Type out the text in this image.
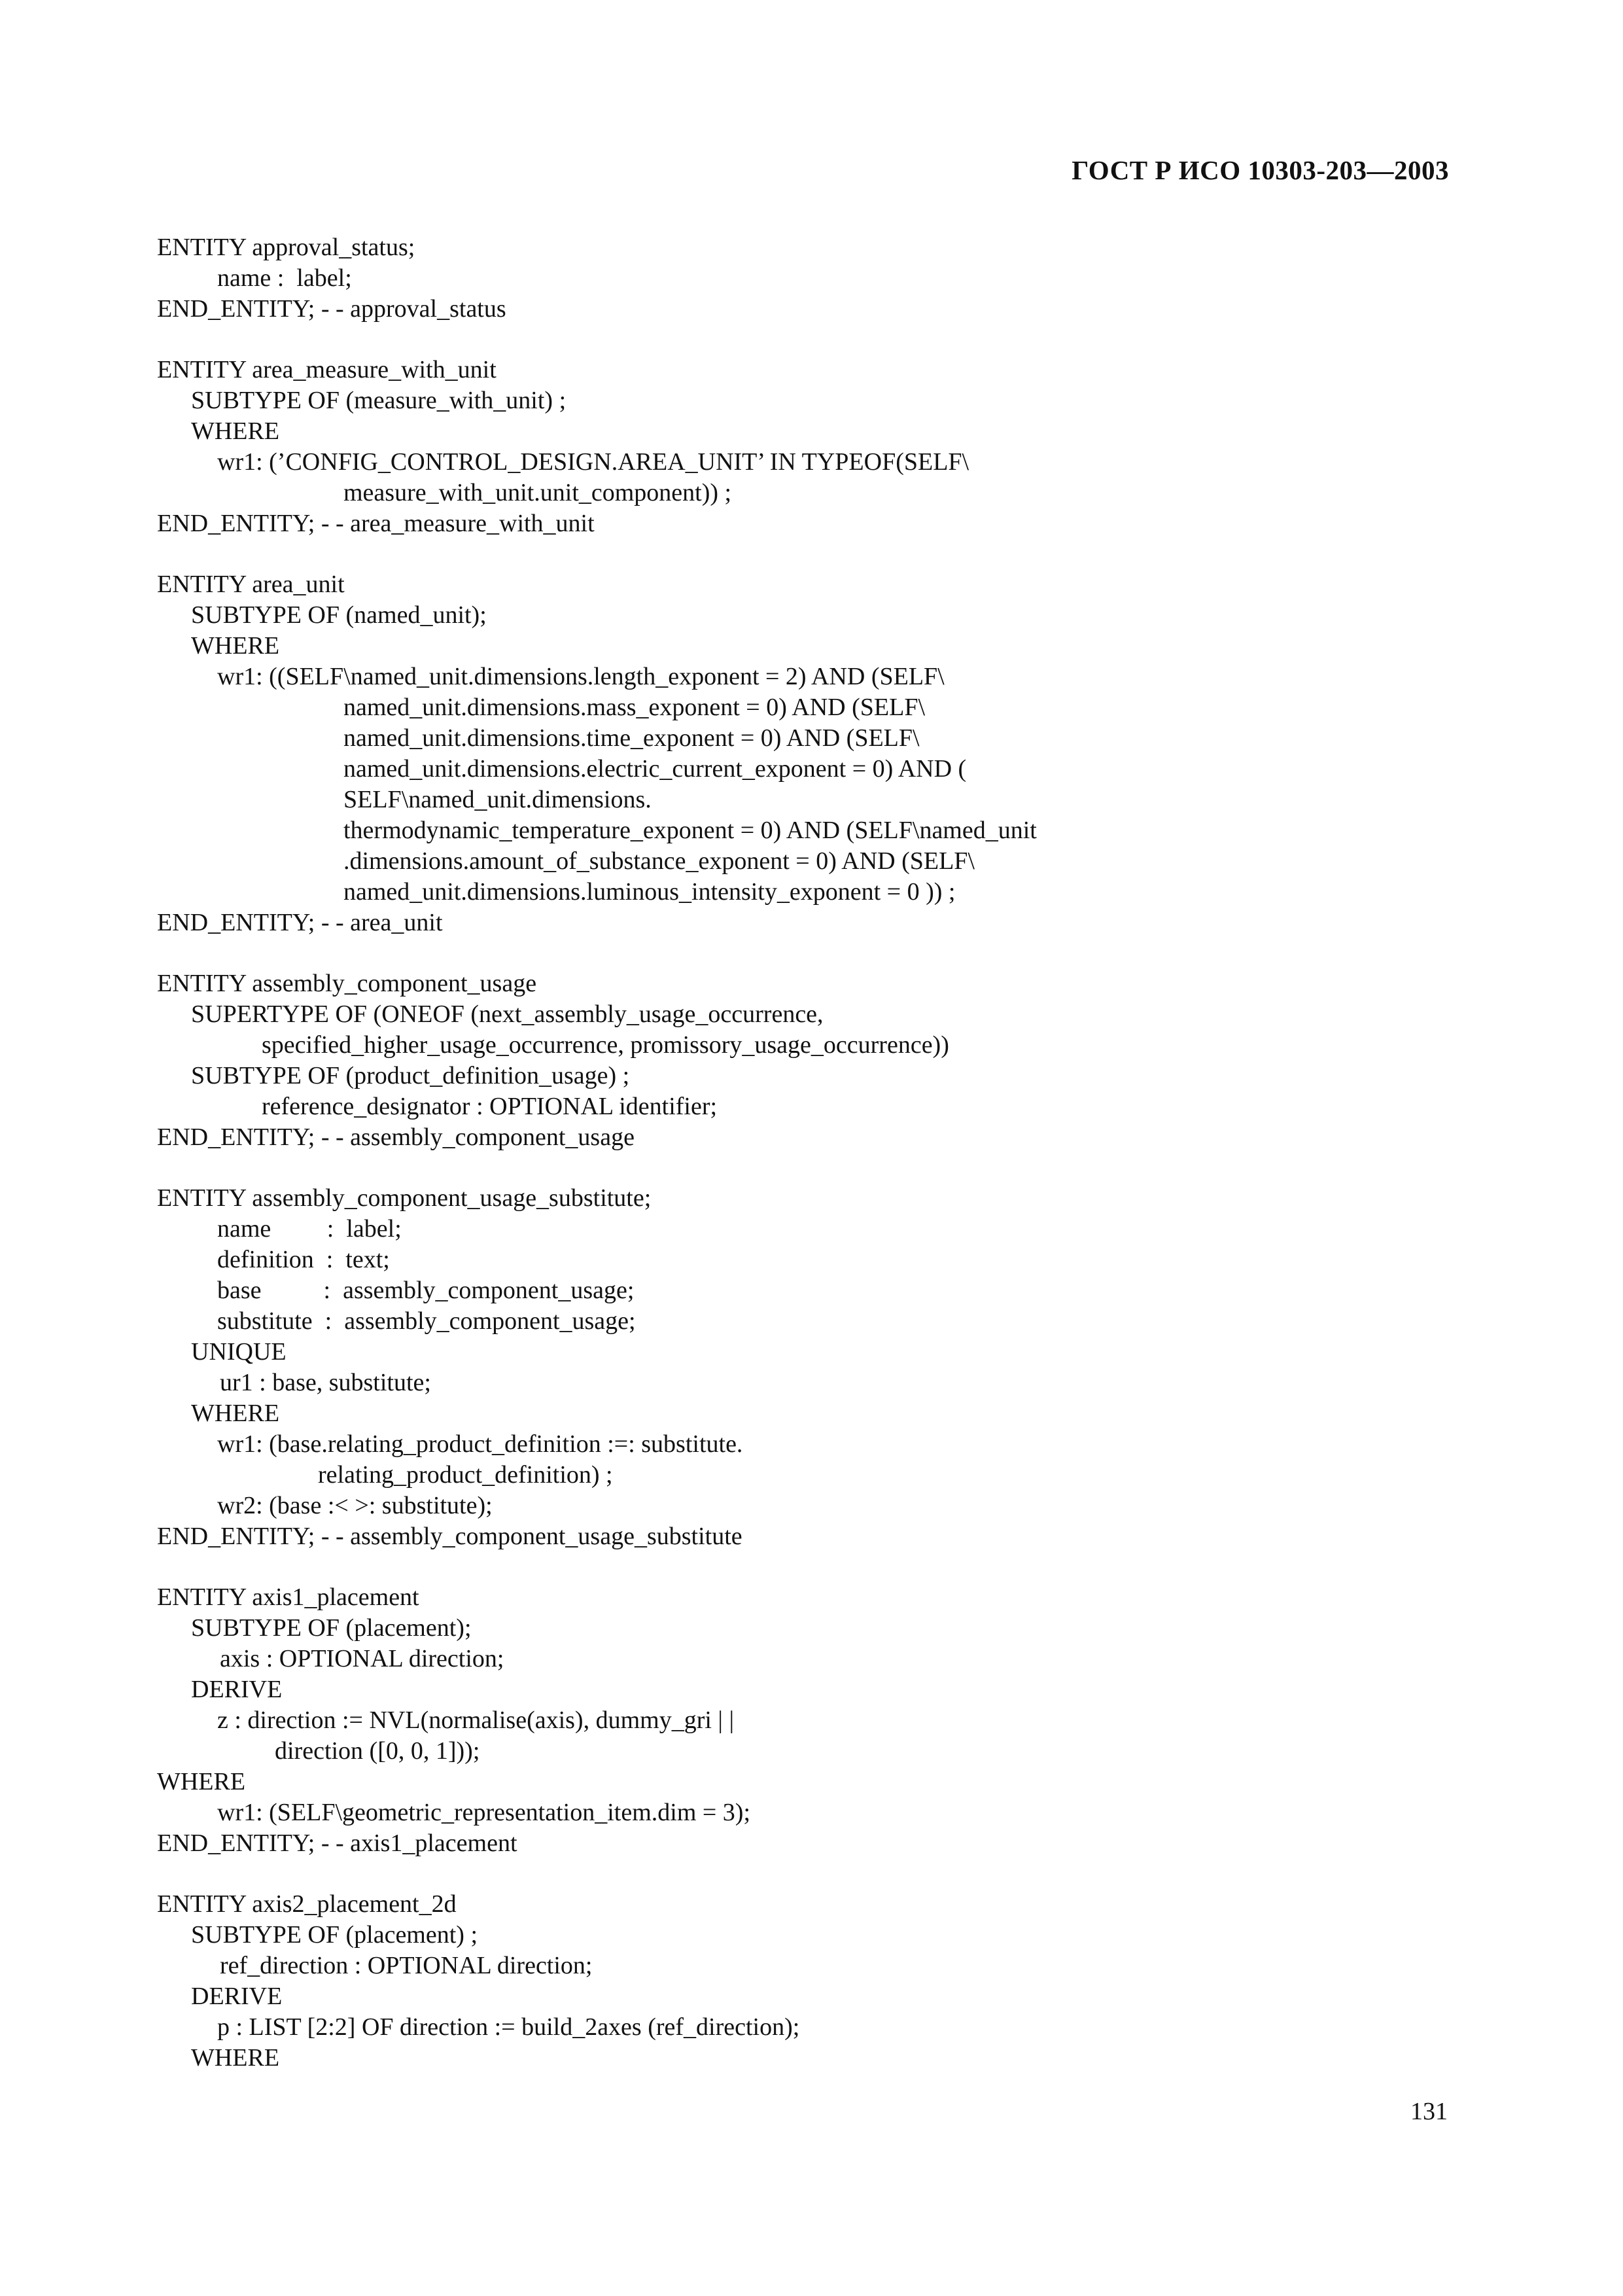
ГОСТ Р ИСО 10303-203—2003
ENTITY approval_status;
name :  label;
END_ENTITY; - - approval_status
ENTITY area_measure_with_unit
SUBTYPE OF (measure_with_unit) ;
WHERE
wr1: (’CONFIG_CONTROL_DESIGN.AREA_UNIT’ IN TYPEOF(SELF\
measure_with_unit.unit_component)) ;
END_ENTITY; - - area_measure_with_unit
ENTITY area_unit
SUBTYPE OF (named_unit);
WHERE
wr1: ((SELF\named_unit.dimensions.length_exponent = 2) AND (SELF\
named_unit.dimensions.mass_exponent = 0) AND (SELF\
named_unit.dimensions.time_exponent = 0) AND (SELF\
named_unit.dimensions.electric_current_exponent = 0) AND (
SELF\named_unit.dimensions.
thermodynamic_temperature_exponent = 0) AND (SELF\named_unit
.dimensions.amount_of_substance_exponent = 0) AND (SELF\
named_unit.dimensions.luminous_intensity_exponent = 0 )) ;
END_ENTITY; - - area_unit
ENTITY assembly_component_usage
SUPERTYPE OF (ONEOF (next_assembly_usage_occurrence,
specified_higher_usage_occurrence, promissory_usage_occurrence))
SUBTYPE OF (product_definition_usage) ;
reference_designator : OPTIONAL identifier;
END_ENTITY; - - assembly_component_usage
ENTITY assembly_component_usage_substitute;
name         :  label;
definition  :  text;
base          :  assembly_component_usage;
substitute  :  assembly_component_usage;
UNIQUE
ur1 : base, substitute;
WHERE
wr1: (base.relating_product_definition :=: substitute.
relating_product_definition) ;
wr2: (base :< >: substitute);
END_ENTITY; - - assembly_component_usage_substitute
ENTITY axis1_placement
SUBTYPE OF (placement);
axis : OPTIONAL direction;
DERIVE
z : direction := NVL(normalise(axis), dummy_gri | |
direction ([0, 0, 1]));
WHERE
wr1: (SELF\geometric_representation_item.dim = 3);
END_ENTITY; - - axis1_placement
ENTITY axis2_placement_2d
SUBTYPE OF (placement) ;
ref_direction : OPTIONAL direction;
DERIVE
p : LIST [2:2] OF direction := build_2axes (ref_direction);
WHERE
131
